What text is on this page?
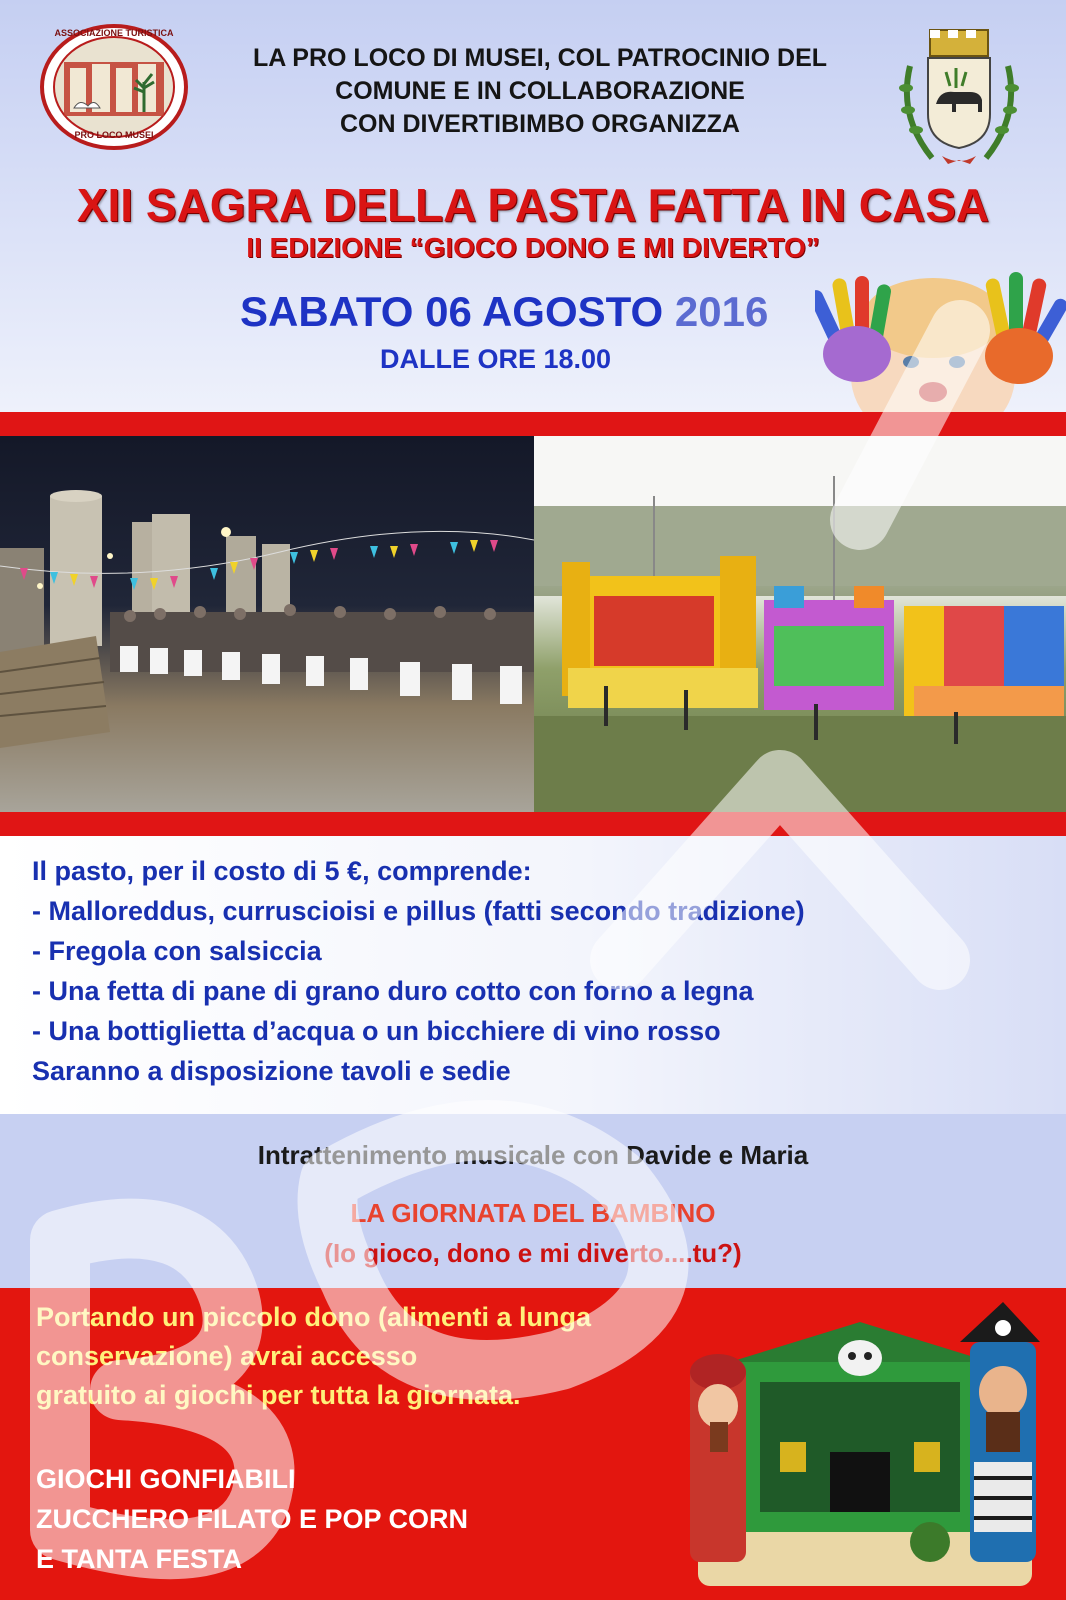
ASSOCIAZIONE TURISTICA
PRO LOCO MUSEI
LA PRO LOCO DI MUSEI, COL PATROCINIO DEL
COMUNE E IN COLLABORAZIONE
CON DIVERTIBIMBO ORGANIZZA
XII SAGRA DELLA PASTA FATTA IN CASA
II EDIZIONE “GIOCO DONO E MI DIVERTO”
SABATO 06 AGOSTO 2016
DALLE ORE 18.00
Il pasto, per il costo di 5 €, comprende:
- Malloreddus, curruscioisi e pillus (fatti secondo tradizione)
- Fregola con salsiccia
- Una fetta di pane di grano duro cotto con forno a legna
- Una bottiglietta d’acqua o un bicchiere di vino rosso
Saranno a disposizione tavoli e sedie
Intrattenimento musicale con Davide e Maria
LA GIORNATA DEL BAMBINO
(Io gioco, dono e mi diverto....tu?)
Portando un piccolo dono (alimenti a lunga
conservazione) avrai accesso
gratuito ai giochi per tutta la giornata.
GIOCHI GONFIABILI
ZUCCHERO FILATO E POP CORN
E TANTA FESTA
